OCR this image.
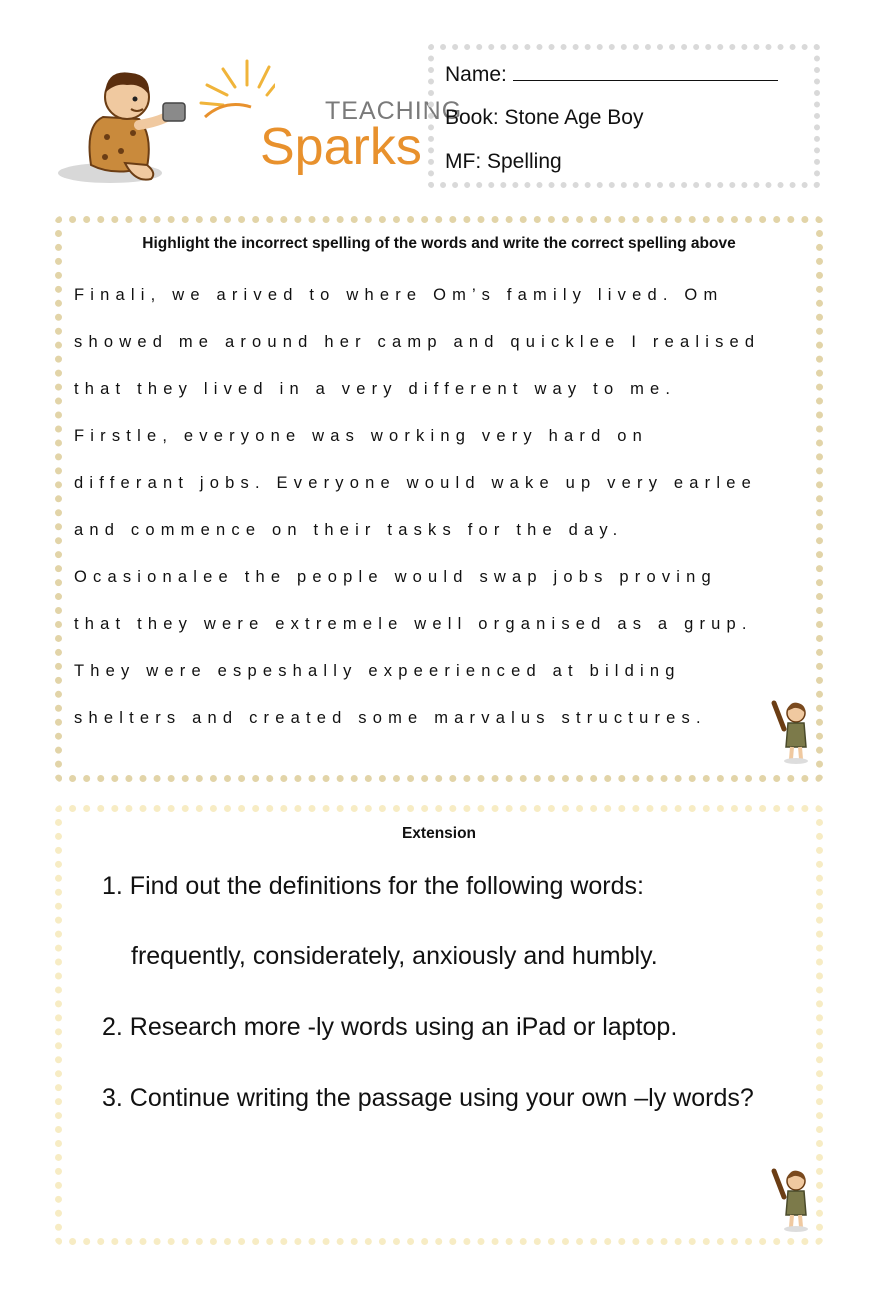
TEACHING
Sparks
Name:
Book: Stone Age Boy
MF: Spelling
Highlight the incorrect spelling of the words and write the correct spelling above
Finali, we arived to where Om’s family lived. Om
showed me around her camp and quicklee I realised
that they lived in a very different way to me.
Firstle, everyone was working very hard on
differant jobs. Everyone would wake up very earlee
and commence on their tasks for the day.
Ocasionalee the people would swap jobs proving
that they were extremele well organised as a grup.
They were espeshally expeerienced at bilding
shelters and created some marvalus structures.
Extension
1. Find out the definitions for the following words:
frequently, considerately, anxiously and humbly.
2. Research more -ly words using an iPad or laptop.
3. Continue writing the passage using your own –ly words?
